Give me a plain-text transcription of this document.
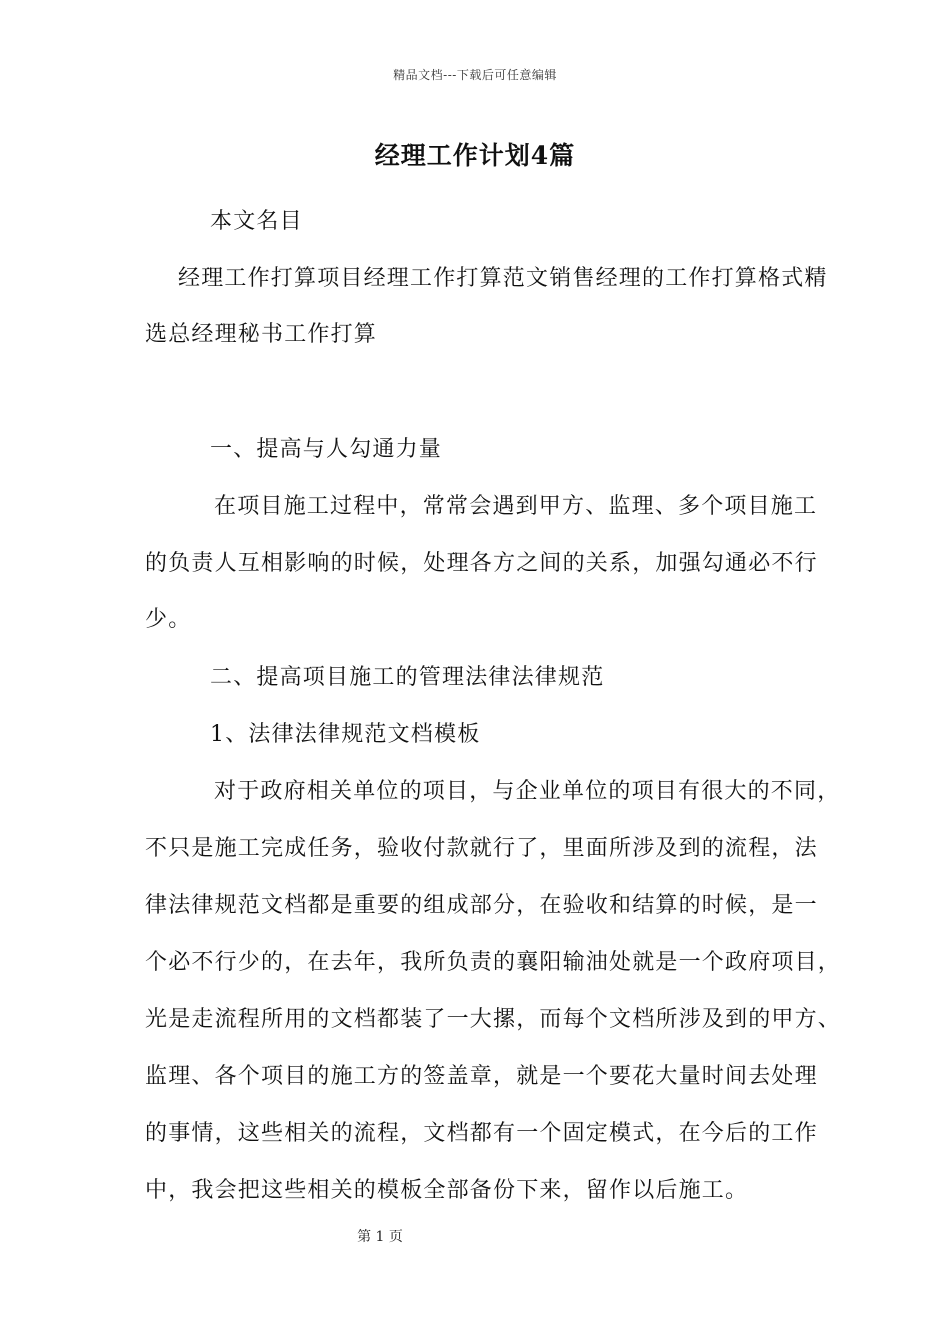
精品文档---下载后可任意编辑
经理工作计划4篇
本文名目
经理工作打算项目经理工作打算范文销售经理的工作打算格式精
选总经理秘书工作打算
一、提高与人勾通力量
在项目施工过程中，常常会遇到甲方、监理、多个项目施工
的负责人互相影响的时候，处理各方之间的关系，加强勾通必不行
少。
二、提高项目施工的管理法律法律规范
1、法律法律规范文档模板
对于政府相关单位的项目，与企业单位的项目有很大的不同，
不只是施工完成任务，验收付款就行了，里面所涉及到的流程，法
律法律规范文档都是重要的组成部分，在验收和结算的时候，是一
个必不行少的，在去年，我所负责的襄阳输油处就是一个政府项目，
光是走流程所用的文档都装了一大摞，而每个文档所涉及到的甲方、
监理、各个项目的施工方的签盖章，就是一个要花大量时间去处理
的事情，这些相关的流程，文档都有一个固定模式，在今后的工作
中，我会把这些相关的模板全部备份下来，留作以后施工。
第 1 页
